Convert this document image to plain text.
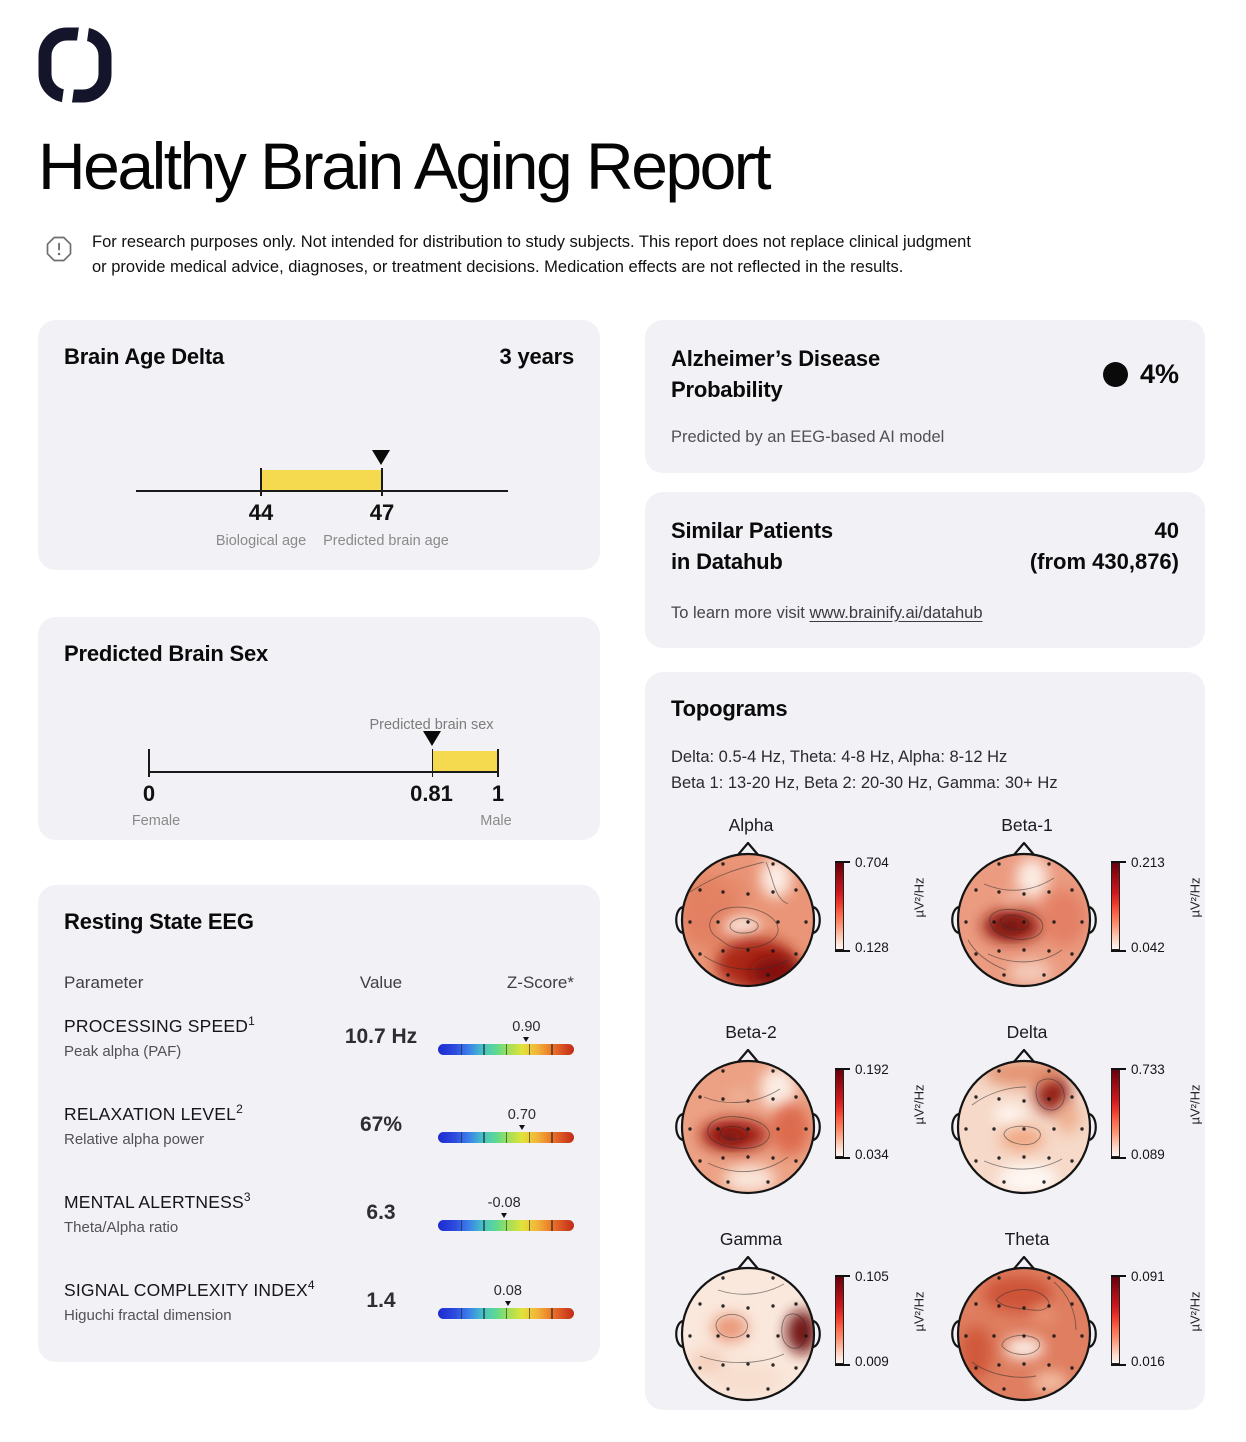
Healthy Brain Aging Report
For research purposes only. Not intended for distribution to study subjects. This report does not replace clinical judgment
or provide medical advice, diagnoses, or treatment decisions. Medication effects are not reflected in the results.
Brain Age Delta	3 years
44	47
Biological age Predicted brain age
Predicted Brain Sex
Predicted brain sex
0	0.81 1
Female	Male
Resting State EEG
Parameter	Value	Z-Score*
PROCESSING SPEED$^1$
Peak alpha (PAF)
10.7 Hz	0.90
RELAXATION LEVEL$^2$
Relative alpha power
67%	0.70
MENTAL ALERTNESS$^3$
Theta/Alpha ratio
6.3	-0.08
SIGNAL COMPLEXITY INDEX$^4$
Higuchi fractal dimension
1.4	0.08
Alzheimer’s Disease
Probability	4%
Predicted by an EEG-based AI model
Similar Patients
in Datahub
40
(from 430,876)
To learn more visit www.brainify.ai/datahub
Topograms
Delta: 0.5-4 Hz, Theta: 4-8 Hz, Alpha: 8-12 Hz
Beta 1: 13-20 Hz, Beta 2: 20-30 Hz, Gamma: 30+ Hz
Alpha
0.704
0.128
µV²/Hz
Beta-1
0.213
0.042
µV²/Hz
Beta-2
0.192
0.034
µV²/Hz
Delta
0.733
0.089
µV²/Hz
Gamma
0.105
0.009
µV²/Hz
Theta
0.091
0.016
µV²/Hz
